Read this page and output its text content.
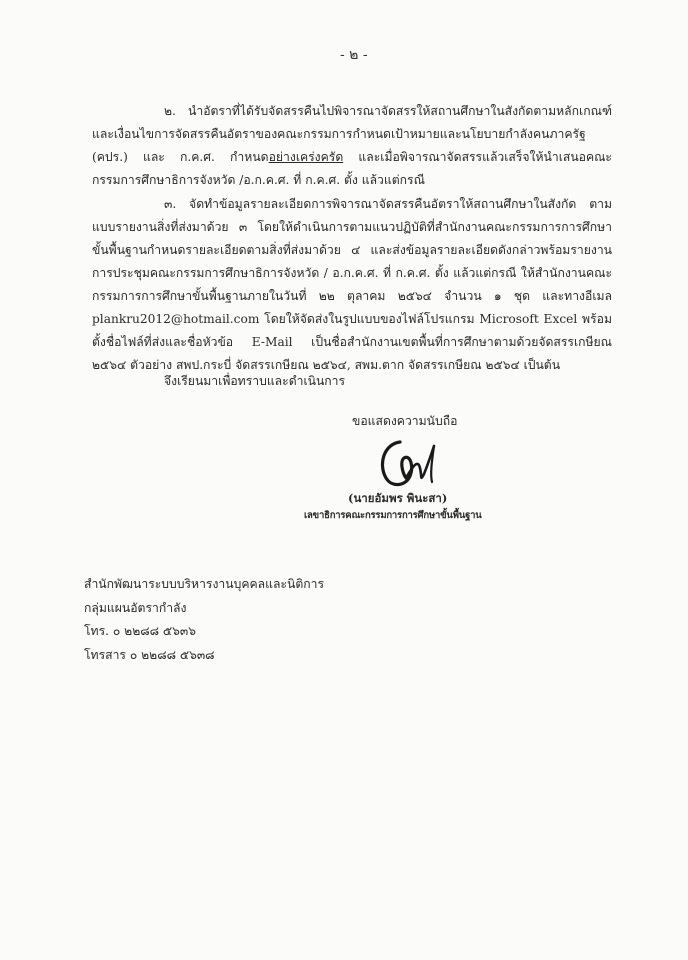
- ๒ -

๒. นำอัตราที่ได้รับจัดสรรคืนไปพิจารณาจัดสรรให้สถานศึกษาในสังกัดตามหลักเกณฑ์และเงื่อนไขการจัดสรรคืนอัตราของคณะกรรมการกำหนดเป้าหมายและนโยบายกำลังคนภาครัฐ (คปร.) และ ก.ค.ศ. กำหนดอย่างเคร่งครัด และเมื่อพิจารณาจัดสรรแล้วเสร็จให้นำเสนอคณะกรรมการศึกษาธิการจังหวัด /อ.ก.ค.ศ. ที่ ก.ค.ศ. ตั้ง แล้วแต่กรณี

๓. จัดทำข้อมูลรายละเอียดการพิจารณาจัดสรรคืนอัตราให้สถานศึกษาในสังกัด ตามแบบรายงานสิ่งที่ส่งมาด้วย ๓ โดยให้ดำเนินการตามแนวปฏิบัติที่สำนักงานคณะกรรมการการศึกษาขั้นพื้นฐานกำหนดรายละเอียดตามสิ่งที่ส่งมาด้วย ๔ และส่งข้อมูลรายละเอียดดังกล่าวพร้อมรายงานการประชุมคณะกรรมการศึกษาธิการจังหวัด / อ.ก.ค.ศ. ที่ ก.ค.ศ. ตั้ง แล้วแต่กรณี ให้สำนักงานคณะกรรมการการศึกษาขั้นพื้นฐานภายในวันที่ ๒๒ ตุลาคม ๒๕๖๔ จำนวน ๑ ชุด และทางอีเมล plankru2012@hotmail.com โดยให้จัดส่งในรูปแบบของไฟล์โปรแกรม Microsoft Excel พร้อมตั้งชื่อไฟล์ที่ส่งและชื่อหัวข้อ E-Mail เป็นชื่อสำนักงานเขตพื้นที่การศึกษาตามด้วยจัดสรรเกษียณ ๒๕๖๔ ตัวอย่าง สพป.กระบี่ จัดสรรเกษียณ ๒๕๖๔, สพม.ตาก จัดสรรเกษียณ ๒๕๖๔ เป็นต้น

จึงเรียนมาเพื่อทราบและดำเนินการ
ขอแสดงความนับถือ
(นายอัมพร พินะสา)
เลขาธิการคณะกรรมการการศึกษาขั้นพื้นฐาน
สำนักพัฒนาระบบบริหารงานบุคคลและนิติการ
กลุ่มแผนอัตรากำลัง
โทร. ๐ ๒๒๘๘ ๕๖๓๖
โทรสาร ๐ ๒๒๘๘ ๕๖๓๘
